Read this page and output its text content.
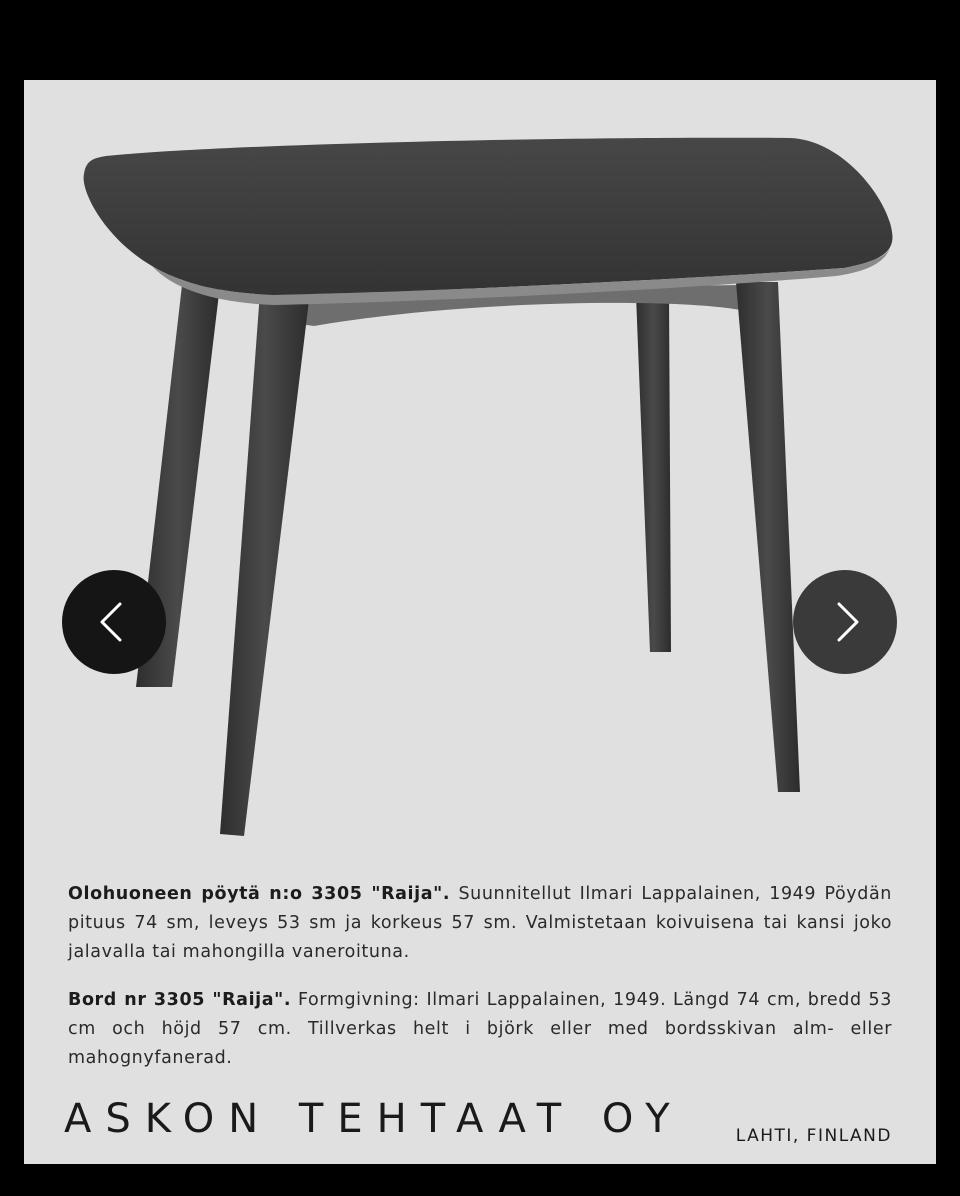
Olohuoneen pöytä n:o 3305 "Raija". Suunnitellut Ilmari Lappalainen, 1949 Pöydän pituus 74 sm, leveys 53 sm ja korkeus 57 sm. Valmistetaan koivuisena tai kansi joko jalavalla tai mahongilla vaneroituna.
Bord nr 3305 "Raija". Formgivning: Ilmari Lappalainen, 1949. Längd 74 cm, bredd 53 cm och höjd 57 cm. Tillverkas helt i björk eller med bordsskivan alm- eller mahognyfanerad.
ASKON TEHTAAT OY	LAHTI, FINLAND
